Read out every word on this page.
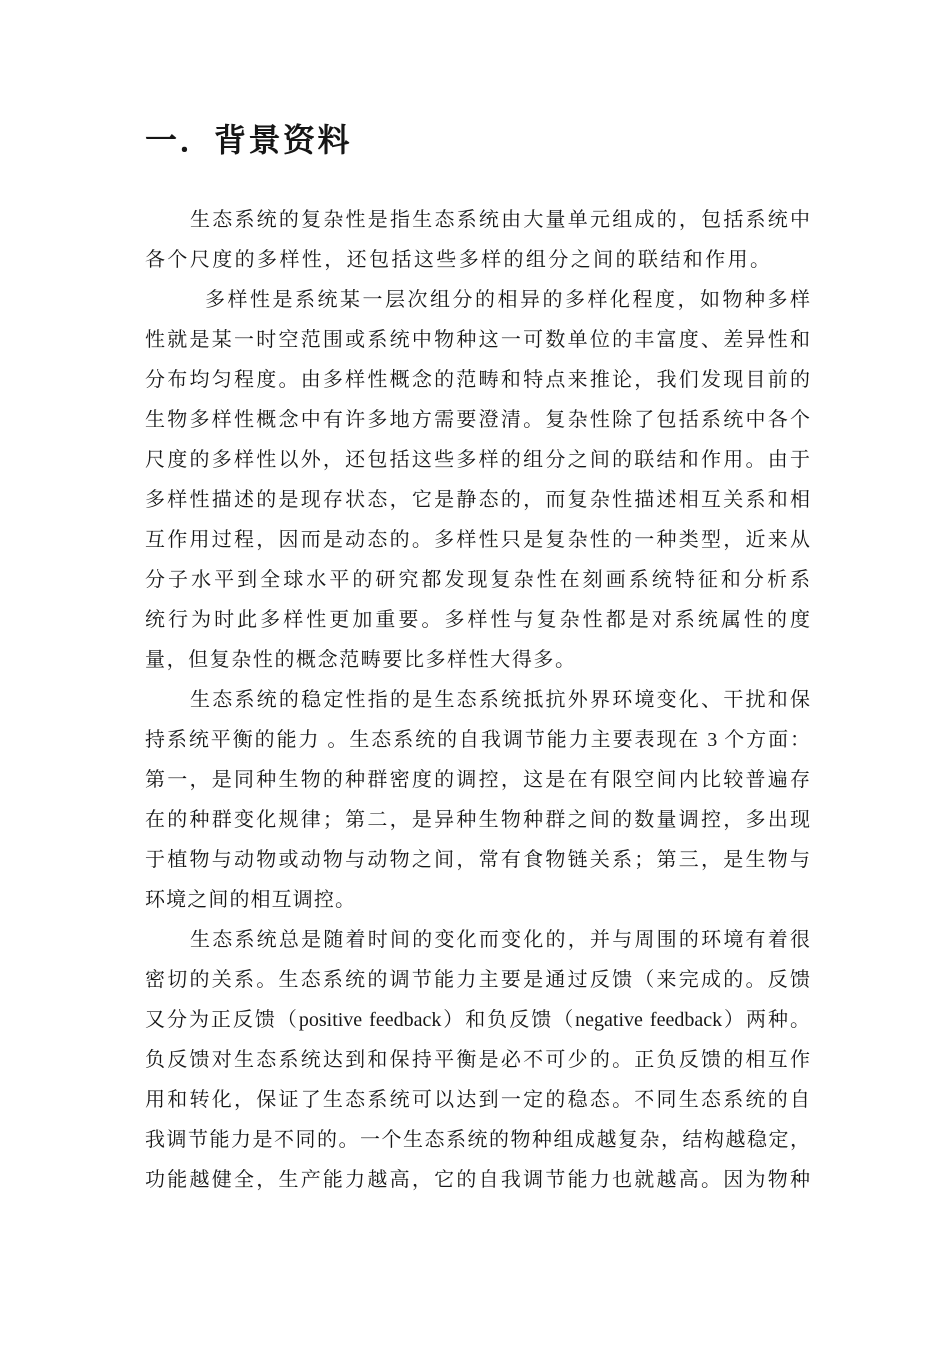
一．背景资料
生态系统的复杂性是指生态系统由大量单元组成的，包括系统中
各个尺度的多样性，还包括这些多样的组分之间的联结和作用。
多样性是系统某一层次组分的相异的多样化程度，如物种多样
性就是某一时空范围或系统中物种这一可数单位的丰富度、差异性和
分布均匀程度。由多样性概念的范畴和特点来推论，我们发现目前的
生物多样性概念中有许多地方需要澄清。复杂性除了包括系统中各个
尺度的多样性以外，还包括这些多样的组分之间的联结和作用。由于
多样性描述的是现存状态，它是静态的，而复杂性描述相互关系和相
互作用过程，因而是动态的。多样性只是复杂性的一种类型，近来从
分子水平到全球水平的研究都发现复杂性在刻画系统特征和分析系
统行为时此多样性更加重要。多样性与复杂性都是对系统属性的度
量，但复杂性的概念范畴要比多样性大得多。
生态系统的稳定性指的是生态系统抵抗外界环境变化、干扰和保
持系统平衡的能力 。生态系统的自我调节能力主要表现在 3 个方面：
第一，是同种生物的种群密度的调控，这是在有限空间内比较普遍存
在的种群变化规律；第二，是异种生物种群之间的数量调控，多出现
于植物与动物或动物与动物之间，常有食物链关系；第三，是生物与
环境之间的相互调控。
生态系统总是随着时间的变化而变化的，并与周围的环境有着很
密切的关系。生态系统的调节能力主要是通过反馈（来完成的。反馈
又分为正反馈（positive feedback）和负反馈（negative feedback）两种。
负反馈对生态系统达到和保持平衡是必不可少的。正负反馈的相互作
用和转化，保证了生态系统可以达到一定的稳态。不同生态系统的自
我调节能力是不同的。一个生态系统的物种组成越复杂，结构越稳定，
功能越健全，生产能力越高，它的自我调节能力也就越高。因为物种
